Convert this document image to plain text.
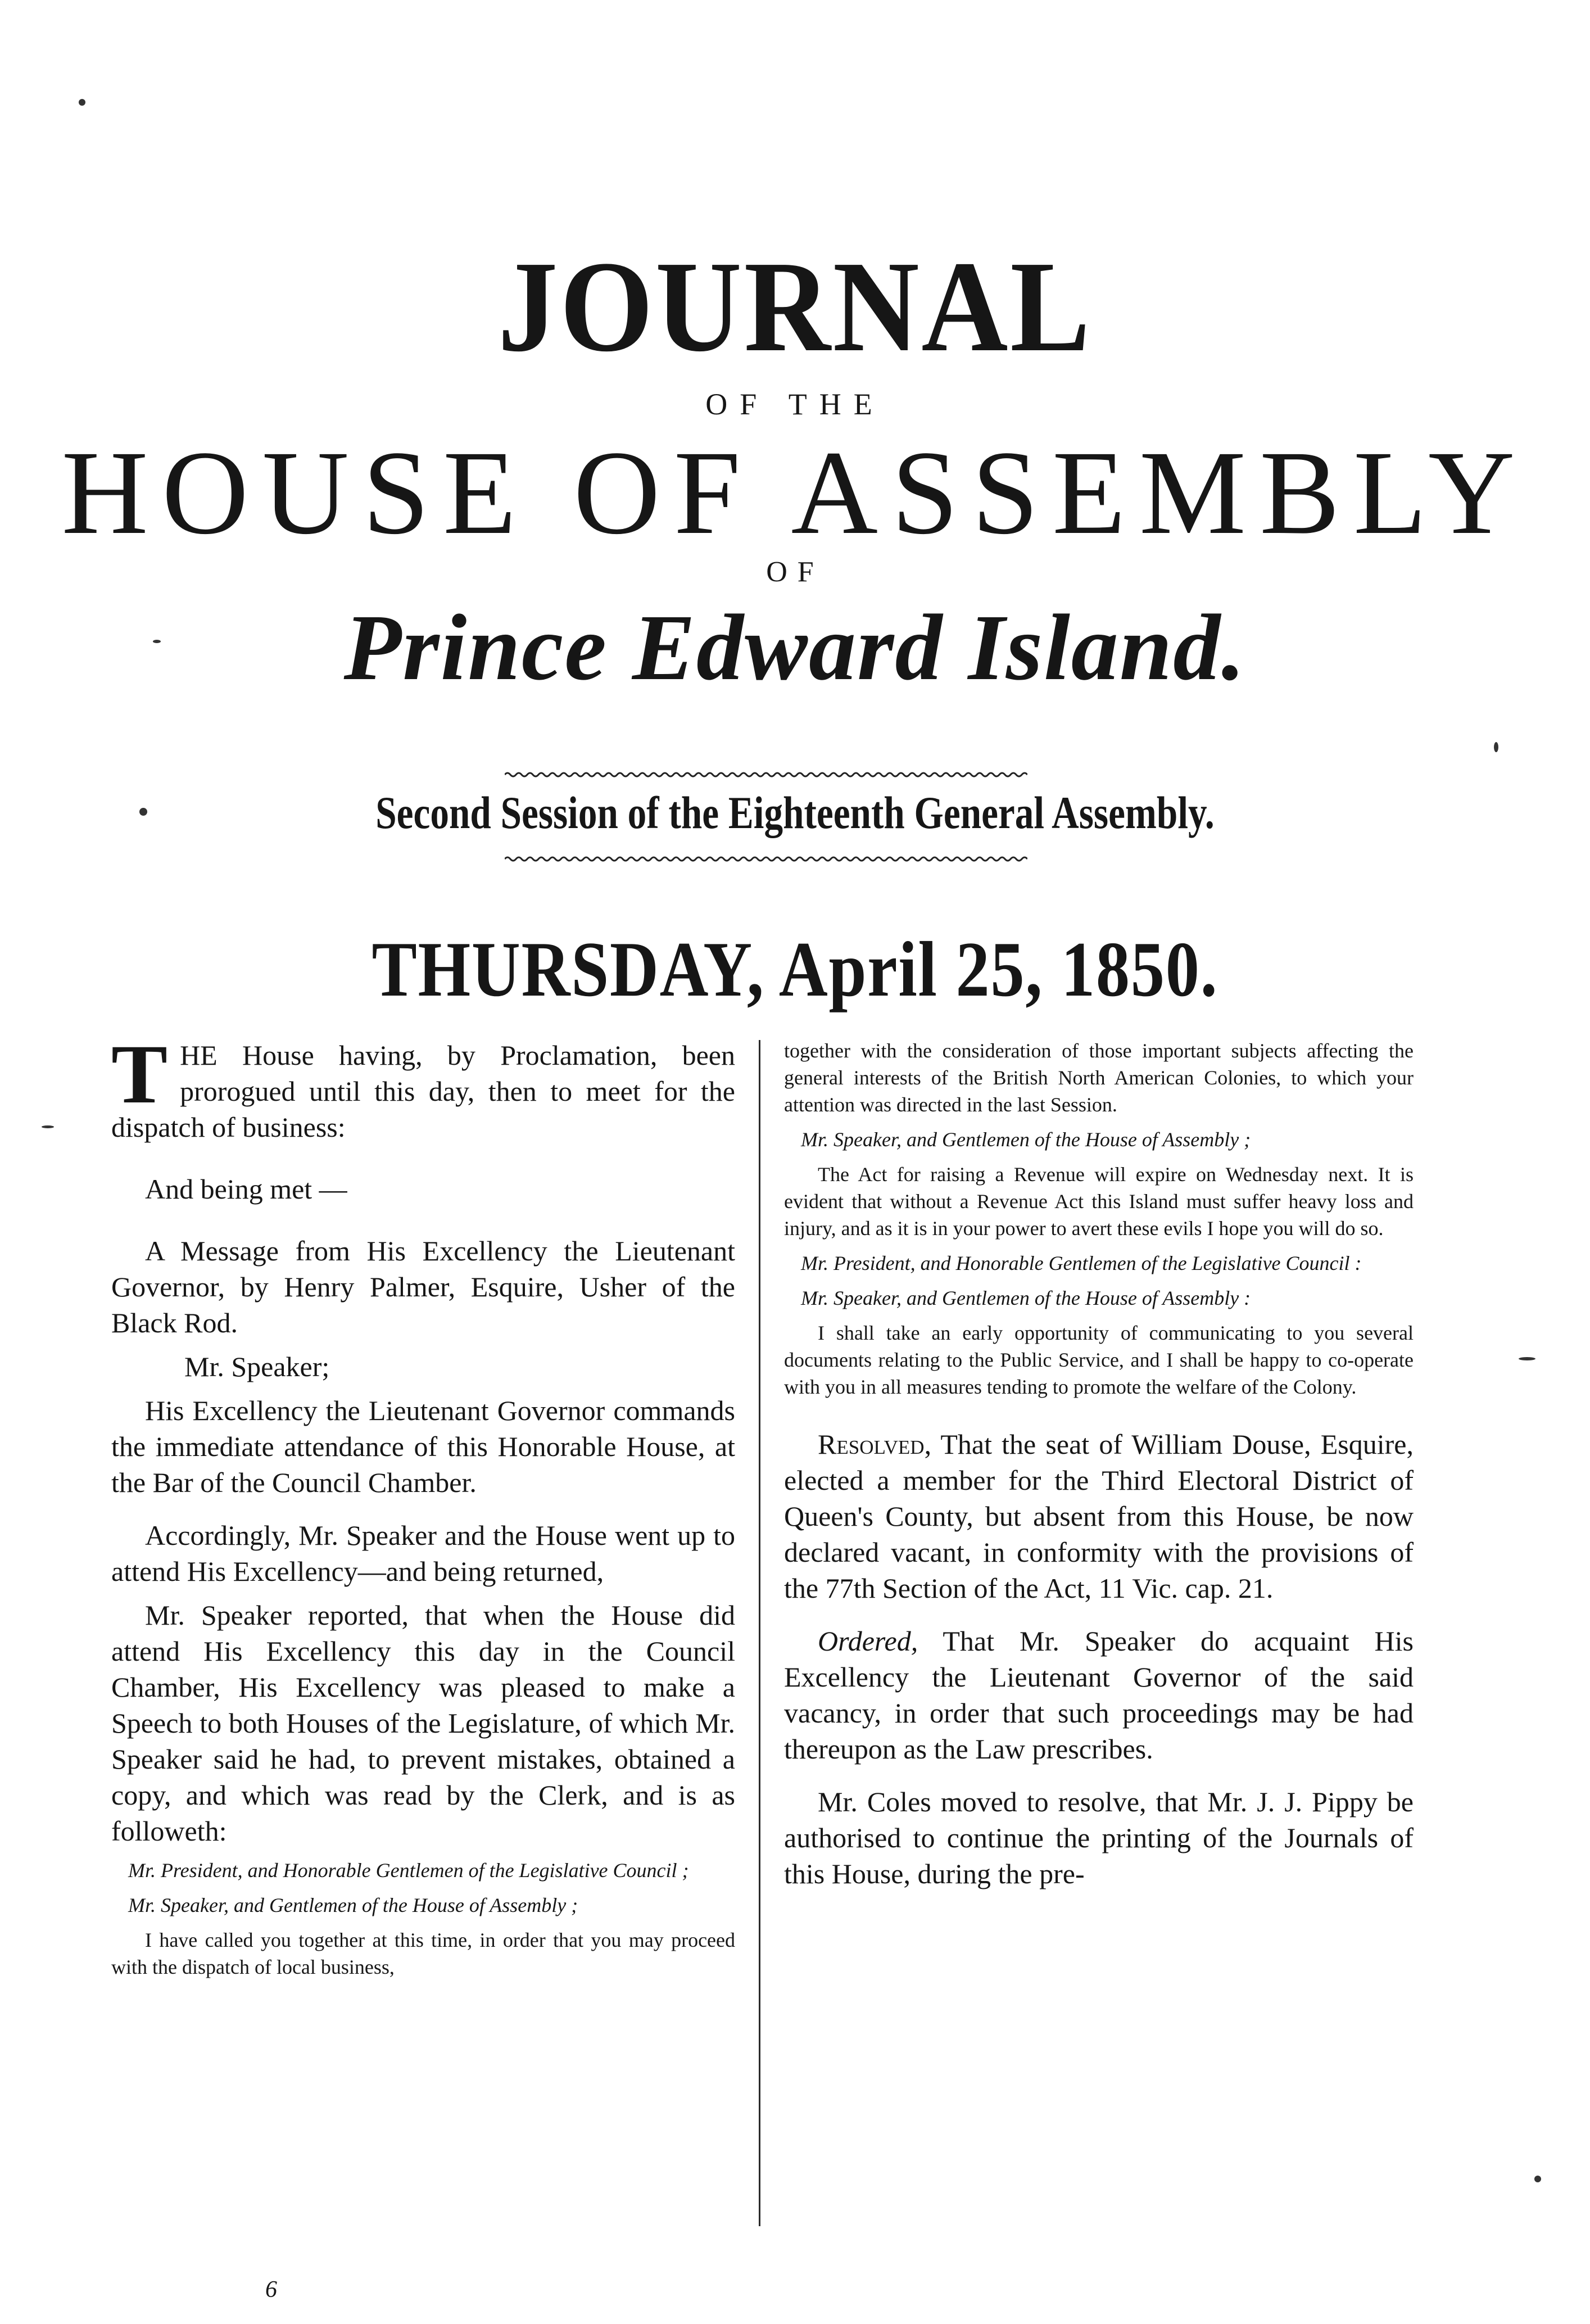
JOURNAL
OF THE
HOUSE OF ASSEMBLY
OF
Prince Edward Island.
Second Session of the Eighteenth General Assembly.
THURSDAY, April 25, 1850.

THE House having, by Proclamation, been prorogued until this day, then to meet for the dispatch of business:

And being met —

A Message from His Excellency the Lieutenant Governor, by Henry Palmer, Esquire, Usher of the Black Rod.

Mr. Speaker;

His Excellency the Lieutenant Governor commands the immediate attendance of this Honorable House, at the Bar of the Council Chamber.

Accordingly, Mr. Speaker and the House went up to attend His Excellency—and being returned,

Mr. Speaker reported, that when the House did attend His Excellency this day in the Council Chamber, His Excellency was pleased to make a Speech to both Houses of the Legislature, of which Mr. Speaker said he had, to prevent mistakes, obtained a copy, and which was read by the Clerk, and is as followeth:

Mr. President, and Honorable Gentlemen of the Legislative Council ;

Mr. Speaker, and Gentlemen of the House of Assembly ;

I have called you together at this time, in order that you may proceed with the dispatch of local business,

together with the consideration of those important subjects affecting the general interests of the British North American Colonies, to which your attention was directed in the last Session.

Mr. Speaker, and Gentlemen of the House of Assembly ;

The Act for raising a Revenue will expire on Wednesday next. It is evident that without a Revenue Act this Island must suffer heavy loss and injury, and as it is in your power to avert these evils I hope you will do so.

Mr. President, and Honorable Gentlemen of the Legislative Council :

Mr. Speaker, and Gentlemen of the House of Assembly :

I shall take an early opportunity of communicating to you several documents relating to the Public Service, and I shall be happy to co-operate with you in all measures tending to promote the welfare of the Colony.

Resolved, That the seat of William Douse, Esquire, elected a member for the Third Electoral District of Queen's County, but absent from this House, be now declared vacant, in conformity with the provisions of the 77th Section of the Act, 11 Vic. cap. 21.

Ordered, That Mr. Speaker do acquaint His Excellency the Lieutenant Governor of the said vacancy, in order that such proceedings may be had thereupon as the Law prescribes.

Mr. Coles moved to resolve, that Mr. J. J. Pippy be authorised to continue the printing of the Journals of this House, during the pre-

6
